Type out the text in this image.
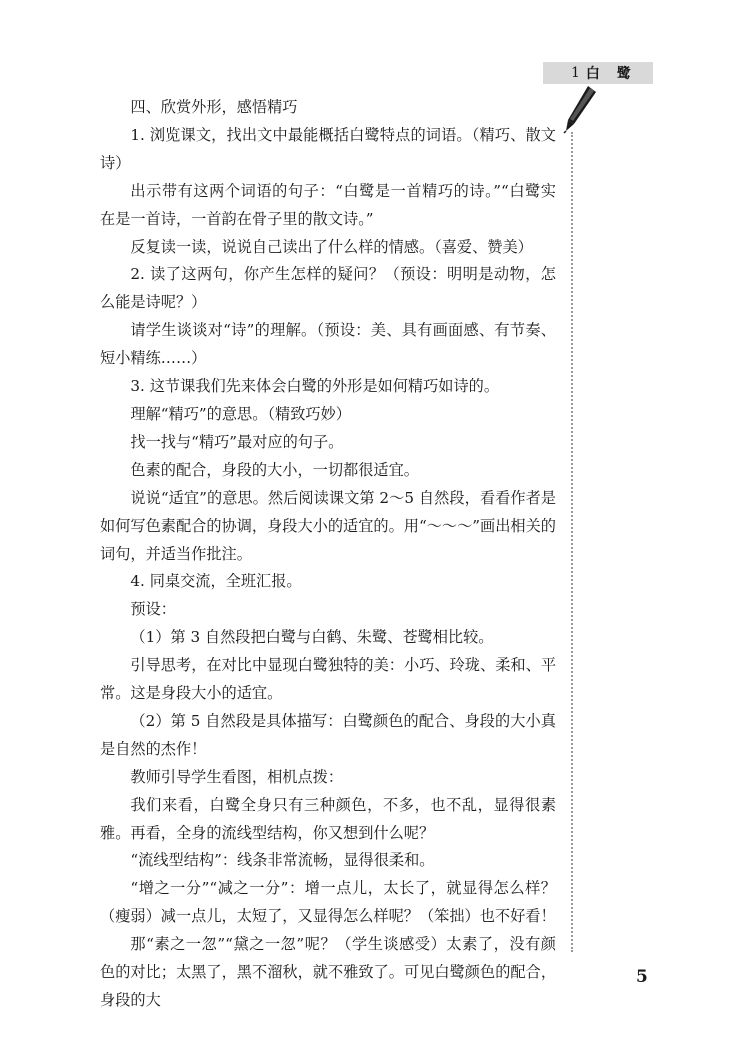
1 白 鹭

四、欣赏外形，感悟精巧

1. 浏览课文，找出文中最能概括白鹭特点的词语。（精巧、散文诗）

出示带有这两个词语的句子：“白鹭是一首精巧的诗。”“白鹭实在是一首诗，一首韵在骨子里的散文诗。”

反复读一读，说说自己读出了什么样的情感。（喜爱、赞美）

2. 读了这两句，你产生怎样的疑问？（预设：明明是动物，怎么能是诗呢？）

请学生谈谈对“诗”的理解。（预设：美、具有画面感、有节奏、短小精练……）

3. 这节课我们先来体会白鹭的外形是如何精巧如诗的。

理解“精巧”的意思。（精致巧妙）

找一找与“精巧”最对应的句子。

色素的配合，身段的大小，一切都很适宜。

说说“适宜”的意思。然后阅读课文第 2～5 自然段，看看作者是如何写色素配合的协调，身段大小的适宜的。用“～～～”画出相关的词句，并适当作批注。

4. 同桌交流，全班汇报。

预设：

（1）第 3 自然段把白鹭与白鹤、朱鹭、苍鹭相比较。

引导思考，在对比中显现白鹭独特的美：小巧、玲珑、柔和、平常。这是身段大小的适宜。

（2）第 5 自然段是具体描写：白鹭颜色的配合、身段的大小真是自然的杰作！

教师引导学生看图，相机点拨：

我们来看，白鹭全身只有三种颜色，不多，也不乱，显得很素雅。再看，全身的流线型结构，你又想到什么呢？

“流线型结构”：线条非常流畅，显得很柔和。

“增之一分”“减之一分”：增一点儿，太长了，就显得怎么样？（瘦弱）减一点儿，太短了，又显得怎么样呢？（笨拙）也不好看！

那“素之一忽”“黛之一忽”呢？（学生谈感受）太素了，没有颜色的对比；太黑了，黑不溜秋，就不雅致了。可见白鹭颜色的配合，身段的大

5
